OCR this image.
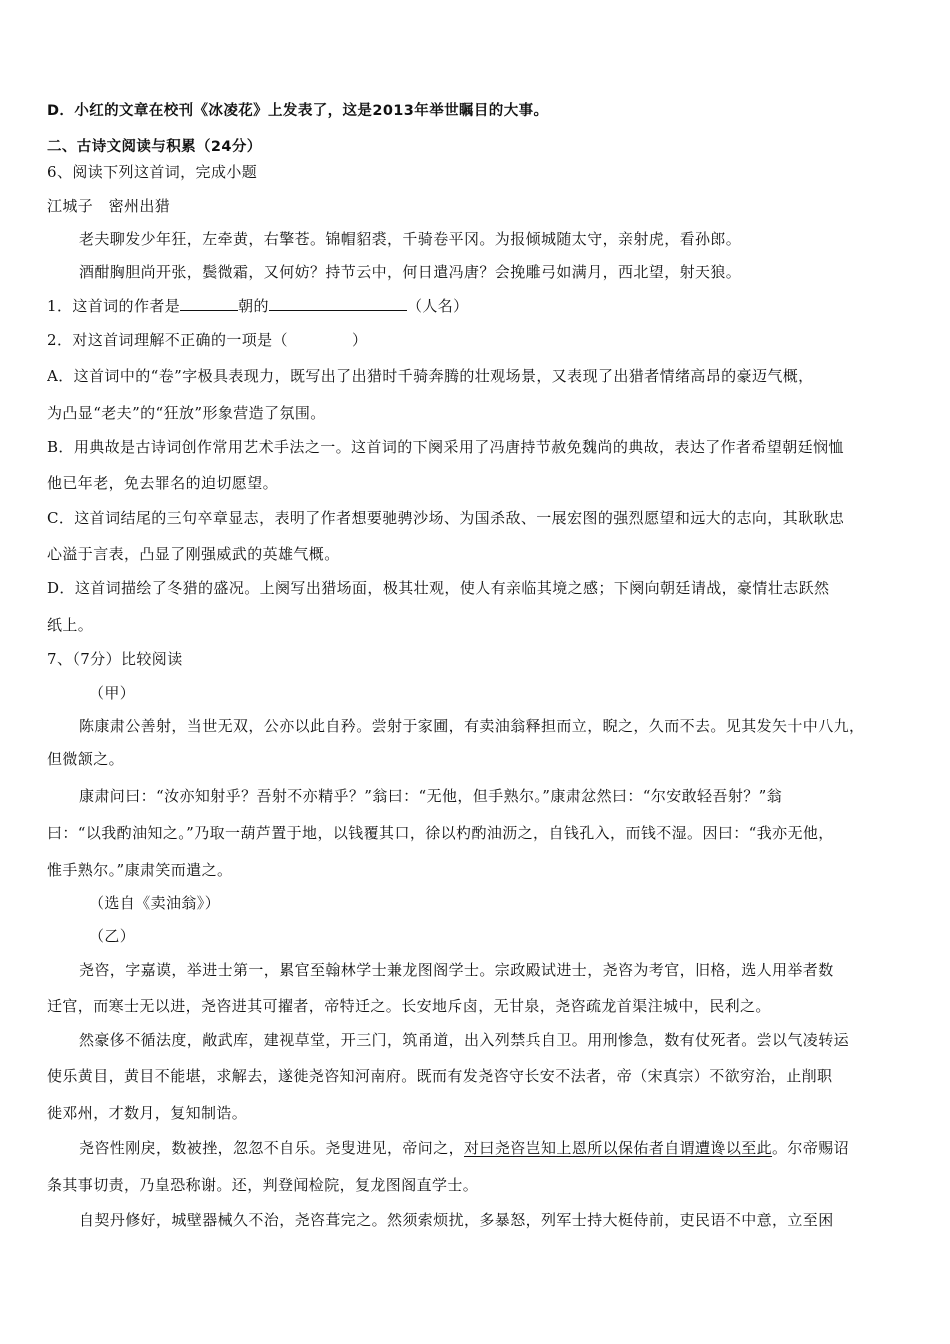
D．小红的文章在校刊《冰凌花》上发表了，这是2013年举世瞩目的大事。
二、古诗文阅读与积累（24分）
6、阅读下列这首词，完成小题
江城子　密州出猎
老夫聊发少年狂，左牵黄，右擎苍。锦帽貂裘，千骑卷平冈。为报倾城随太守，亲射虎，看孙郎。
酒酣胸胆尚开张，鬓微霜，又何妨？持节云中，何日遣冯唐？会挽雕弓如满月，西北望，射天狼。
1．这首词的作者是	朝的	（人名）
2．对这首词理解不正确的一项是（	）
A．这首词中的“卷”字极具表现力，既写出了出猎时千骑奔腾的壮观场景，又表现了出猎者情绪高昂的豪迈气概，
为凸显“老夫”的“狂放”形象营造了氛围。
B．用典故是古诗词创作常用艺术手法之一。这首词的下阕采用了冯唐持节赦免魏尚的典故，表达了作者希望朝廷悯恤
他已年老，免去罪名的迫切愿望。
C．这首词结尾的三句卒章显志，表明了作者想要驰骋沙场、为国杀敌、一展宏图的强烈愿望和远大的志向，其耿耿忠
心溢于言表，凸显了刚强威武的英雄气概。
D．这首词描绘了冬猎的盛况。上阕写出猎场面，极其壮观，使人有亲临其境之感；下阕向朝廷请战，豪情壮志跃然
纸上。
7、（7分）比较阅读
（甲）
陈康肃公善射，当世无双，公亦以此自矜。尝射于家圃，有卖油翁释担而立，睨之，久而不去。见其发矢十中八九，
但微颔之。
康肃问曰：“汝亦知射乎？吾射不亦精乎？”翁曰：“无他，但手熟尔。”康肃忿然曰：“尔安敢轻吾射？”翁
曰：“以我酌油知之。”乃取一葫芦置于地，以钱覆其口，徐以杓酌油沥之，自钱孔入，而钱不湿。因曰：“我亦无他，
惟手熟尔。”康肃笑而遣之。
（选自《卖油翁》）
（乙）
尧咨，字嘉谟，举进士第一，累官至翰林学士兼龙图阁学士。宗政殿试进士，尧咨为考官，旧格，选人用举者数
迁官，而寒士无以进，尧咨进其可擢者，帝特迁之。长安地斥卤，无甘泉，尧咨疏龙首渠注城中，民利之。
然豪侈不循法度，敞武库，建视草堂，开三门，筑甬道，出入列禁兵自卫。用刑惨急，数有仗死者。尝以气凌转运
使乐黄目，黄目不能堪，求解去，遂徙尧咨知河南府。既而有发尧咨守长安不法者，帝（宋真宗）不欲穷治，止削职
徙邓州，才数月，复知制诰。
尧咨性刚戾，数被挫，忽忽不自乐。尧叟进见，帝问之，对曰尧咨岂知上恩所以保佑者自谓遭谗以至此。尔帝赐诏
条其事切责，乃皇恐称谢。还，判登闻检院，复龙图阁直学士。
自契丹修好，城壁器械久不治，尧咨葺完之。然须索烦扰，多暴怒，列军士持大梃侍前，吏民语不中意，立至困
